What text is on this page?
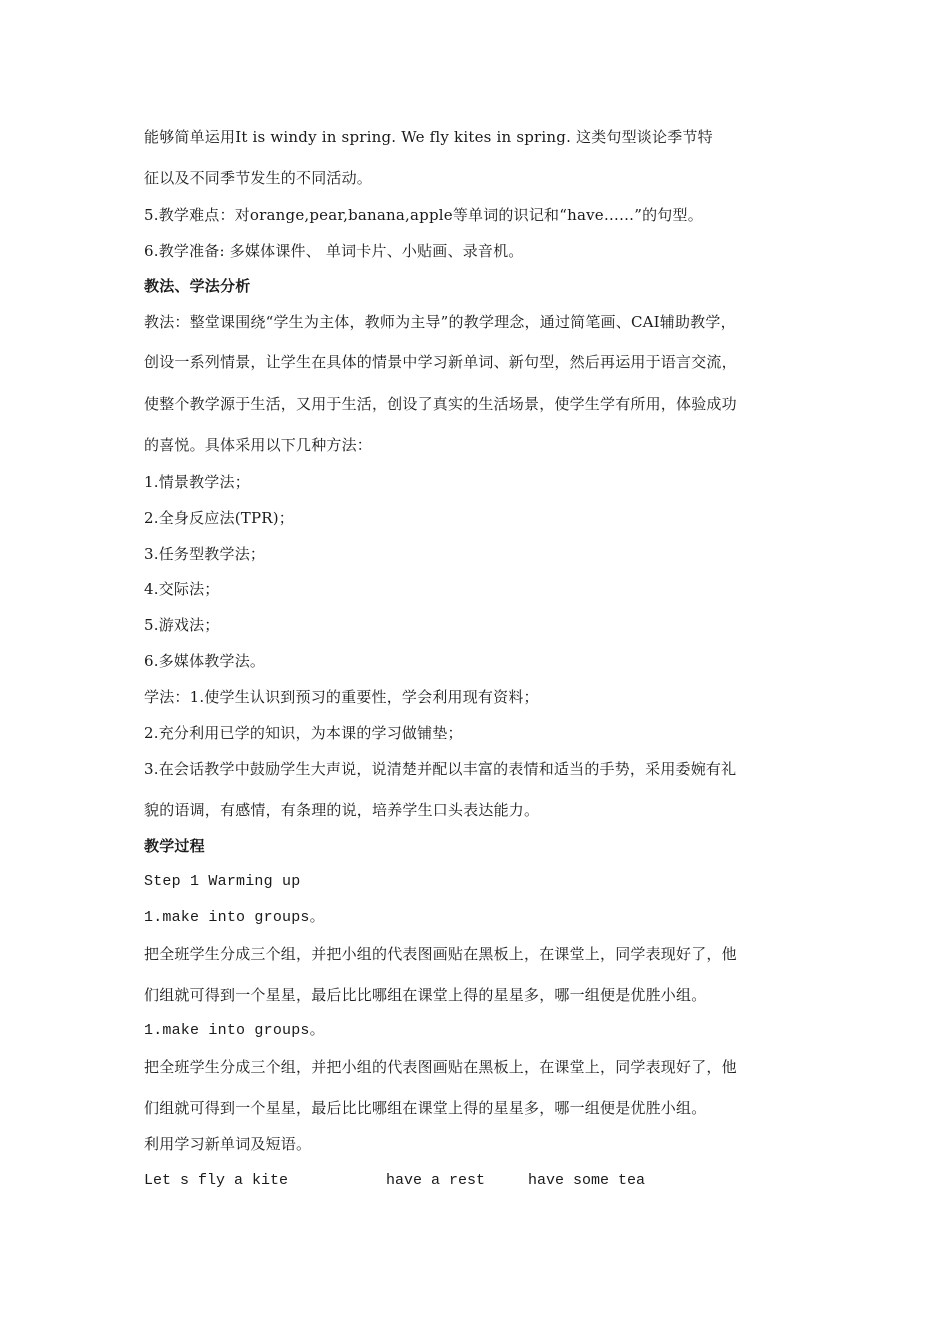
能够简单运用It is windy in spring. We fly kites in spring. 这类句型谈论季节特
征以及不同季节发生的不同活动。
5.教学难点：对orange,pear,banana,apple等单词的识记和“have……”的句型。
6.教学准备: 多媒体课件、 单词卡片、小贴画、录音机。
教法、学法分析
教法：整堂课围绕“学生为主体，教师为主导”的教学理念，通过简笔画、CAI辅助教学，
创设一系列情景，让学生在具体的情景中学习新单词、新句型，然后再运用于语言交流，
使整个教学源于生活，又用于生活，创设了真实的生活场景，使学生学有所用，体验成功
的喜悦。具体采用以下几种方法：
1.情景教学法；
2.全身反应法(TPR)；
3.任务型教学法；
4.交际法；
5.游戏法；
6.多媒体教学法。
学法：1.使学生认识到预习的重要性，学会利用现有资料；
2.充分利用已学的知识，为本课的学习做铺垫；
3.在会话教学中鼓励学生大声说，说清楚并配以丰富的表情和适当的手势，采用委婉有礼
貌的语调，有感情，有条理的说，培养学生口头表达能力。
教学过程
Step 1 Warming up
1.make into groups。
把全班学生分成三个组，并把小组的代表图画贴在黑板上，在课堂上，同学表现好了，他
们组就可得到一个星星，最后比比哪组在课堂上得的星星多，哪一组便是优胜小组。
1.make into groups。
把全班学生分成三个组，并把小组的代表图画贴在黑板上，在课堂上，同学表现好了，他
们组就可得到一个星星，最后比比哪组在课堂上得的星星多，哪一组便是优胜小组。
利用学习新单词及短语。
Let s fly a kite	have a rest	have some tea
